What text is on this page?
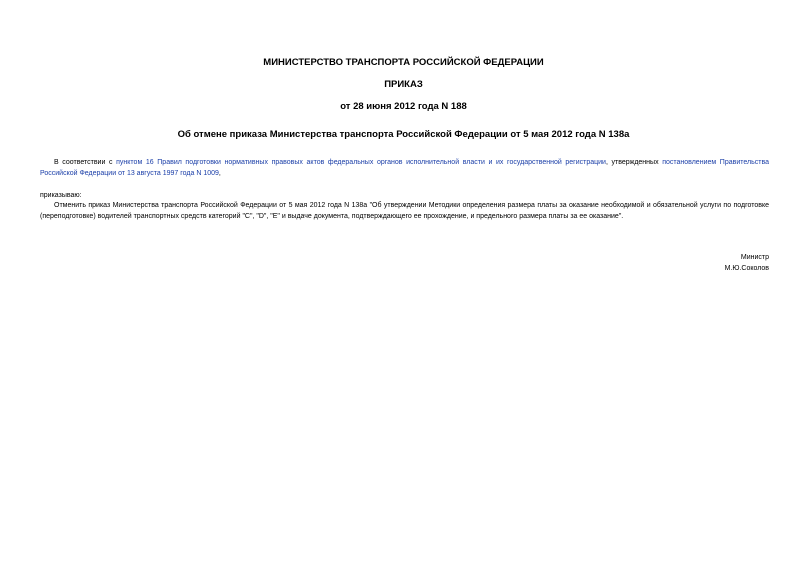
МИНИСТЕРСТВО ТРАНСПОРТА РОССИЙСКОЙ ФЕДЕРАЦИИ
ПРИКАЗ
от 28 июня 2012 года N 188
Об отмене приказа Министерства транспорта Российской Федерации от 5 мая 2012 года N 138а
В соответствии с пунктом 16 Правил подготовки нормативных правовых актов федеральных органов исполнительной власти и их государственной регистрации, утвержденных постановлением Правительства Российской Федерации от 13 августа 1997 года N 1009,
приказываю:
Отменить приказ Министерства транспорта Российской Федерации от 5 мая 2012 года N 138а "Об утверждении Методики определения размера платы за оказание необходимой и обязательной услуги по подготовке (переподготовке) водителей транспортных средств категорий "C", "D", "E" и выдаче документа, подтверждающего ее прохождение, и предельного размера платы за ее оказание".
Министр
М.Ю.Соколов
